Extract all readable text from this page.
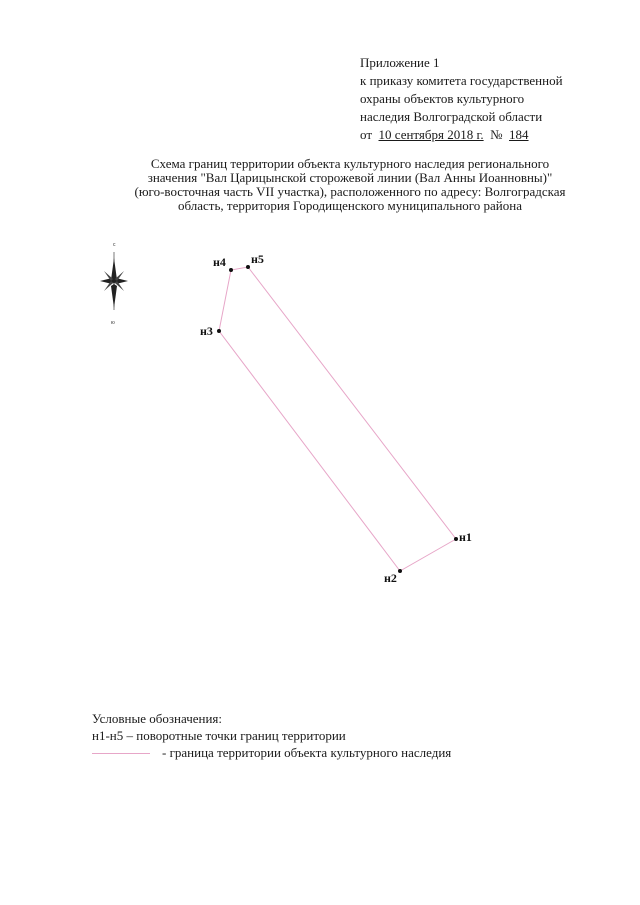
Приложение 1
к приказу комитета государственной
охраны объектов культурного
наследия Волгоградской области
от 10 сентября 2018 г. № 184
Схема границ территории объекта культурного наследия регионального
значения "Вал Царицынской сторожевой линии (Вал Анны Иоанновны)"
(юго-восточная часть VII участка), расположенного по адресу: Волгоградская
область, территория Городищенского муниципального района
с
ю
н1
н2
н3
н4 н5
Условные обозначения:
н1-н5 – поворотные точки границ территории
- граница территории объекта культурного наследия
